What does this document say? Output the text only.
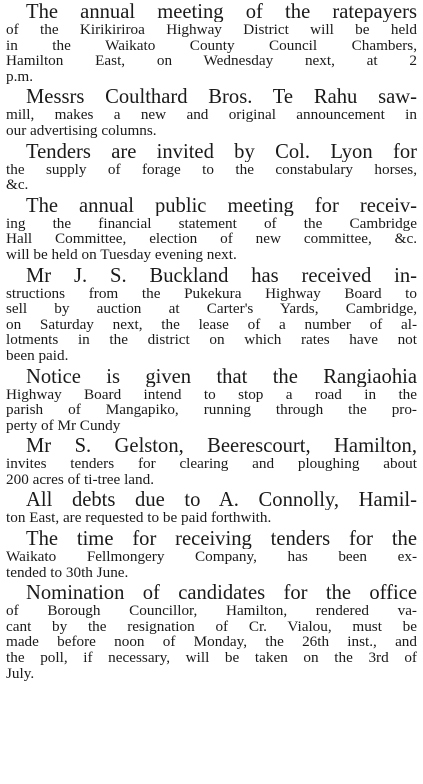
The annual meeting of the ratepayers
of the Kirikiriroa Highway District will be held
in the Waikato County Council Chambers,
Hamilton East, on Wednesday next, at 2
p.m.
Messrs Coulthard Bros. Te Rahu saw-
mill, makes a new and original announcement in
our advertising columns.
Tenders are invited by Col. Lyon for
the supply of forage to the constabulary horses,
&c.
The annual public meeting for receiv-
ing the financial statement of the Cambridge
Hall Committee, election of new committee, &c.
will be held on Tuesday evening next.
Mr J. S. Buckland has received in-
structions from the Pukekura Highway Board to
sell by auction at Carter's Yards, Cambridge,
on Saturday next, the lease of a number of al-
lotments in the district on which rates have not
been paid.
Notice is given that the Rangiaohia
Highway Board intend to stop a road in the
parish of Mangapiko, running through the pro-
perty of Mr Cundy
Mr S. Gelston, Beerescourt, Hamilton,
invites tenders for clearing and ploughing about
200 acres of ti-tree land.
All debts due to A. Connolly, Hamil-
ton East, are requested to be paid forthwith.
The time for receiving tenders for the
Waikato Fellmongery Company, has been ex-
tended to 30th June.
Nomination of candidates for the office
of Borough Councillor, Hamilton, rendered va-
cant by the resignation of Cr. Vialou, must be
made before noon of Monday, the 26th inst., and
the poll, if necessary, will be taken on the 3rd of
July.
